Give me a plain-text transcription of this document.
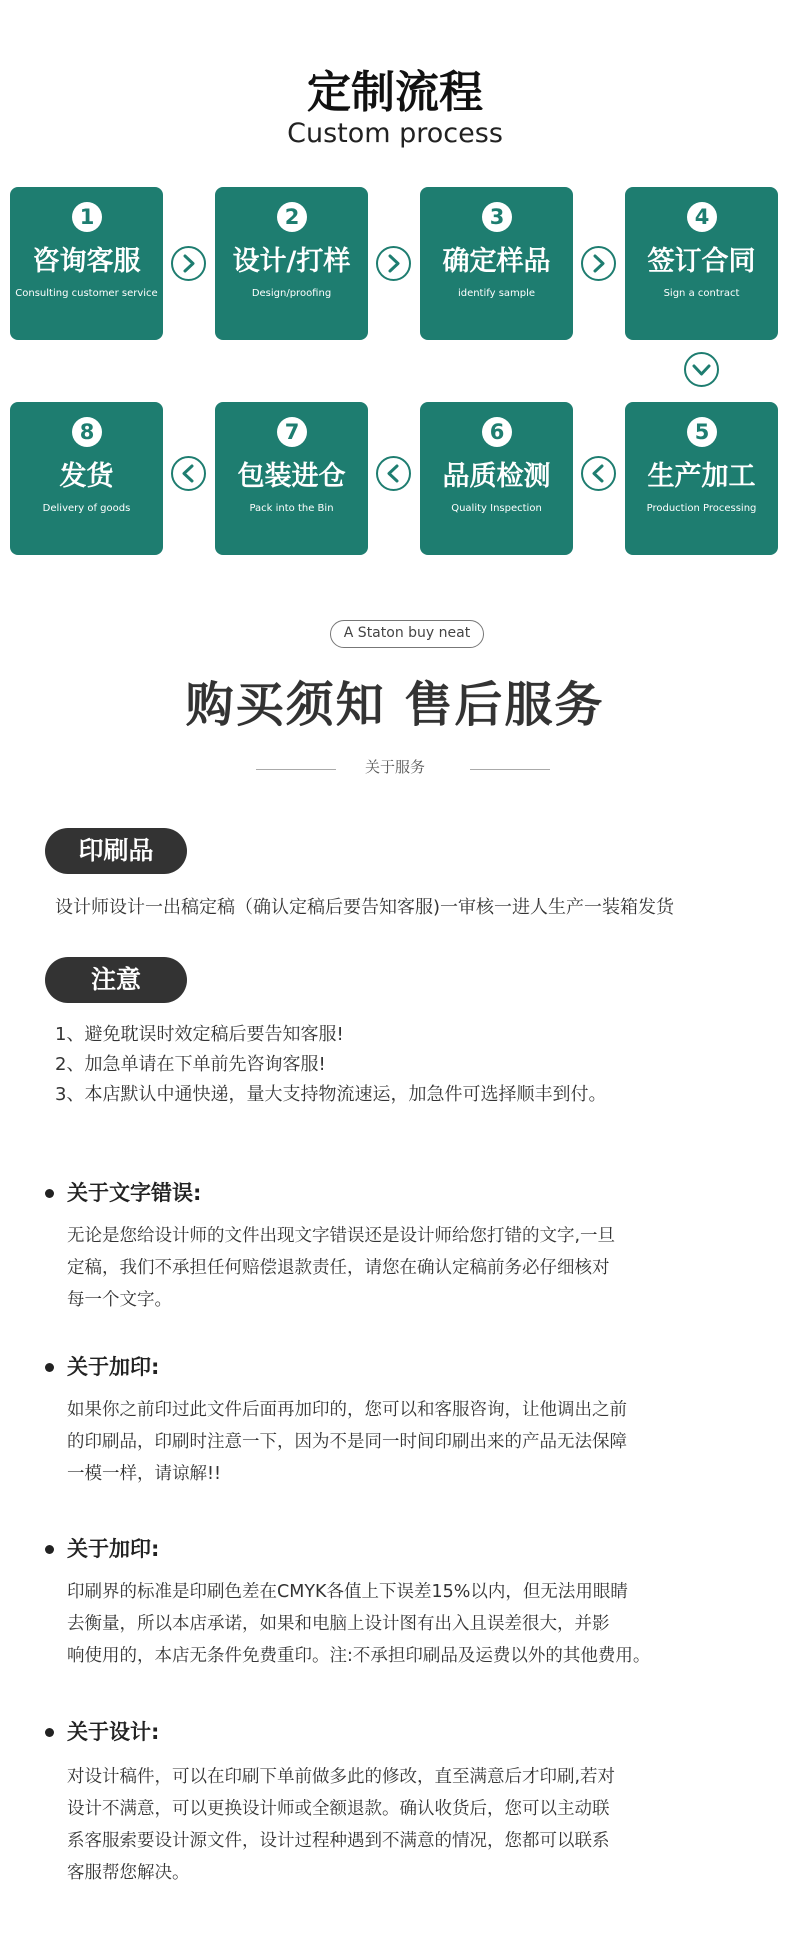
定制流程
Custom process
1
咨询客服
Consulting customer service
2
设计/打样
Design/proofing
3
确定样品
identify sample
4
签订合同
Sign a contract
8
发货
Delivery of goods
7
包装进仓
Pack into the Bin
6
品质检测
Quality Inspection
5
生产加工
Production Processing
A Staton buy neat
购买须知 售后服务
关于服务
印刷品
设计师设计一出稿定稿（确认定稿后要告知客服)一审核一进人生产一装箱发货
注意
1、避免耽误时效定稿后要告知客服!
2、加急单请在下单前先咨询客服!
3、本店默认中通快递，量大支持物流速运，加急件可选择顺丰到付。
关于文字错误:
无论是您给设计师的文件出现文字错误还是设计师给您打错的文字,一旦
定稿，我们不承担任何赔偿退款责任，请您在确认定稿前务必仔细核对
每一个文字。
关于加印:
如果你之前印过此文件后面再加印的，您可以和客服咨询，让他调出之前
的印刷品，印刷时注意一下，因为不是同一时间印刷出来的产品无法保障
一模一样，请谅解!!
关于加印:
印刷界的标准是印刷色差在CMYK各值上下误差15%以内，但无法用眼睛
去衡量，所以本店承诺，如果和电脑上设计图有出入且误差很大，并影
响使用的，本店无条件免费重印。注:不承担印刷品及运费以外的其他费用。
关于设计:
对设计稿件，可以在印刷下单前做多此的修改，直至满意后才印刷,若对
设计不满意，可以更换设计师或全额退款。确认收货后，您可以主动联
系客服索要设计源文件，设计过程种遇到不满意的情况，您都可以联系
客服帮您解决。
